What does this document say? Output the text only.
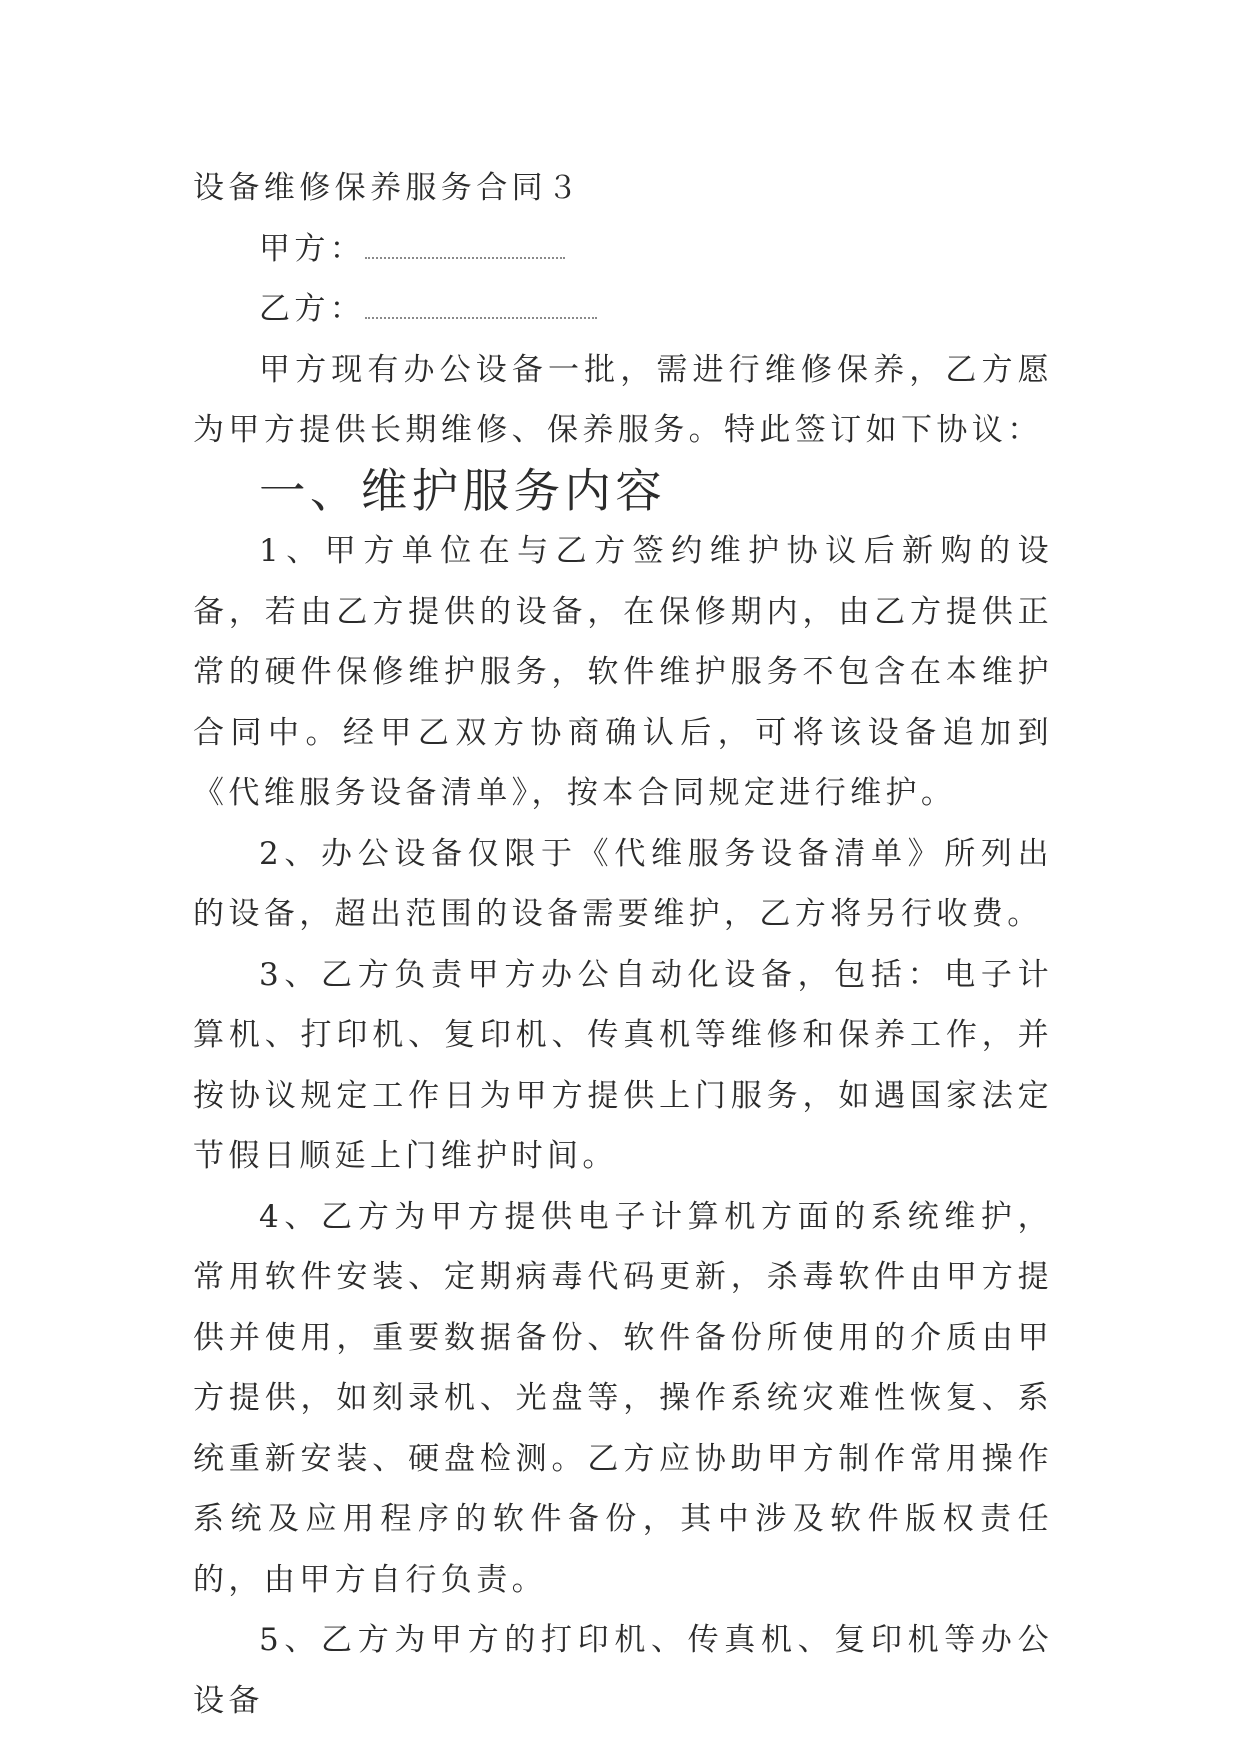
设备维修保养服务合同３

甲方：

乙方：

甲方现有办公设备一批，需进行维修保养，乙方愿为甲方提供长期维修、保养服务。特此签订如下协议：

一、维护服务内容

1、甲方单位在与乙方签约维护协议后新购的设备，若由乙方提供的设备，在保修期内，由乙方提供正常的硬件保修维护服务，软件维护服务不包含在本维护合同中。经甲乙双方协商确认后，可将该设备追加到《代维服务设备清单》，按本合同规定进行维护。

2、办公设备仅限于《代维服务设备清单》所列出的设备，超出范围的设备需要维护，乙方将另行收费。

3、乙方负责甲方办公自动化设备，包括：电子计算机、打印机、复印机、传真机等维修和保养工作，并按协议规定工作日为甲方提供上门服务，如遇国家法定节假日顺延上门维护时间。

4、乙方为甲方提供电子计算机方面的系统维护，常用软件安装、定期病毒代码更新，杀毒软件由甲方提供并使用，重要数据备份、软件备份所使用的介质由甲方提供，如刻录机、光盘等，操作系统灾难性恢复、系统重新安装、硬盘检测。乙方应协助甲方制作常用操作系统及应用程序的软件备份，其中涉及软件版权责任的，由甲方自行负责。

5、乙方为甲方的打印机、传真机、复印机等办公设备
